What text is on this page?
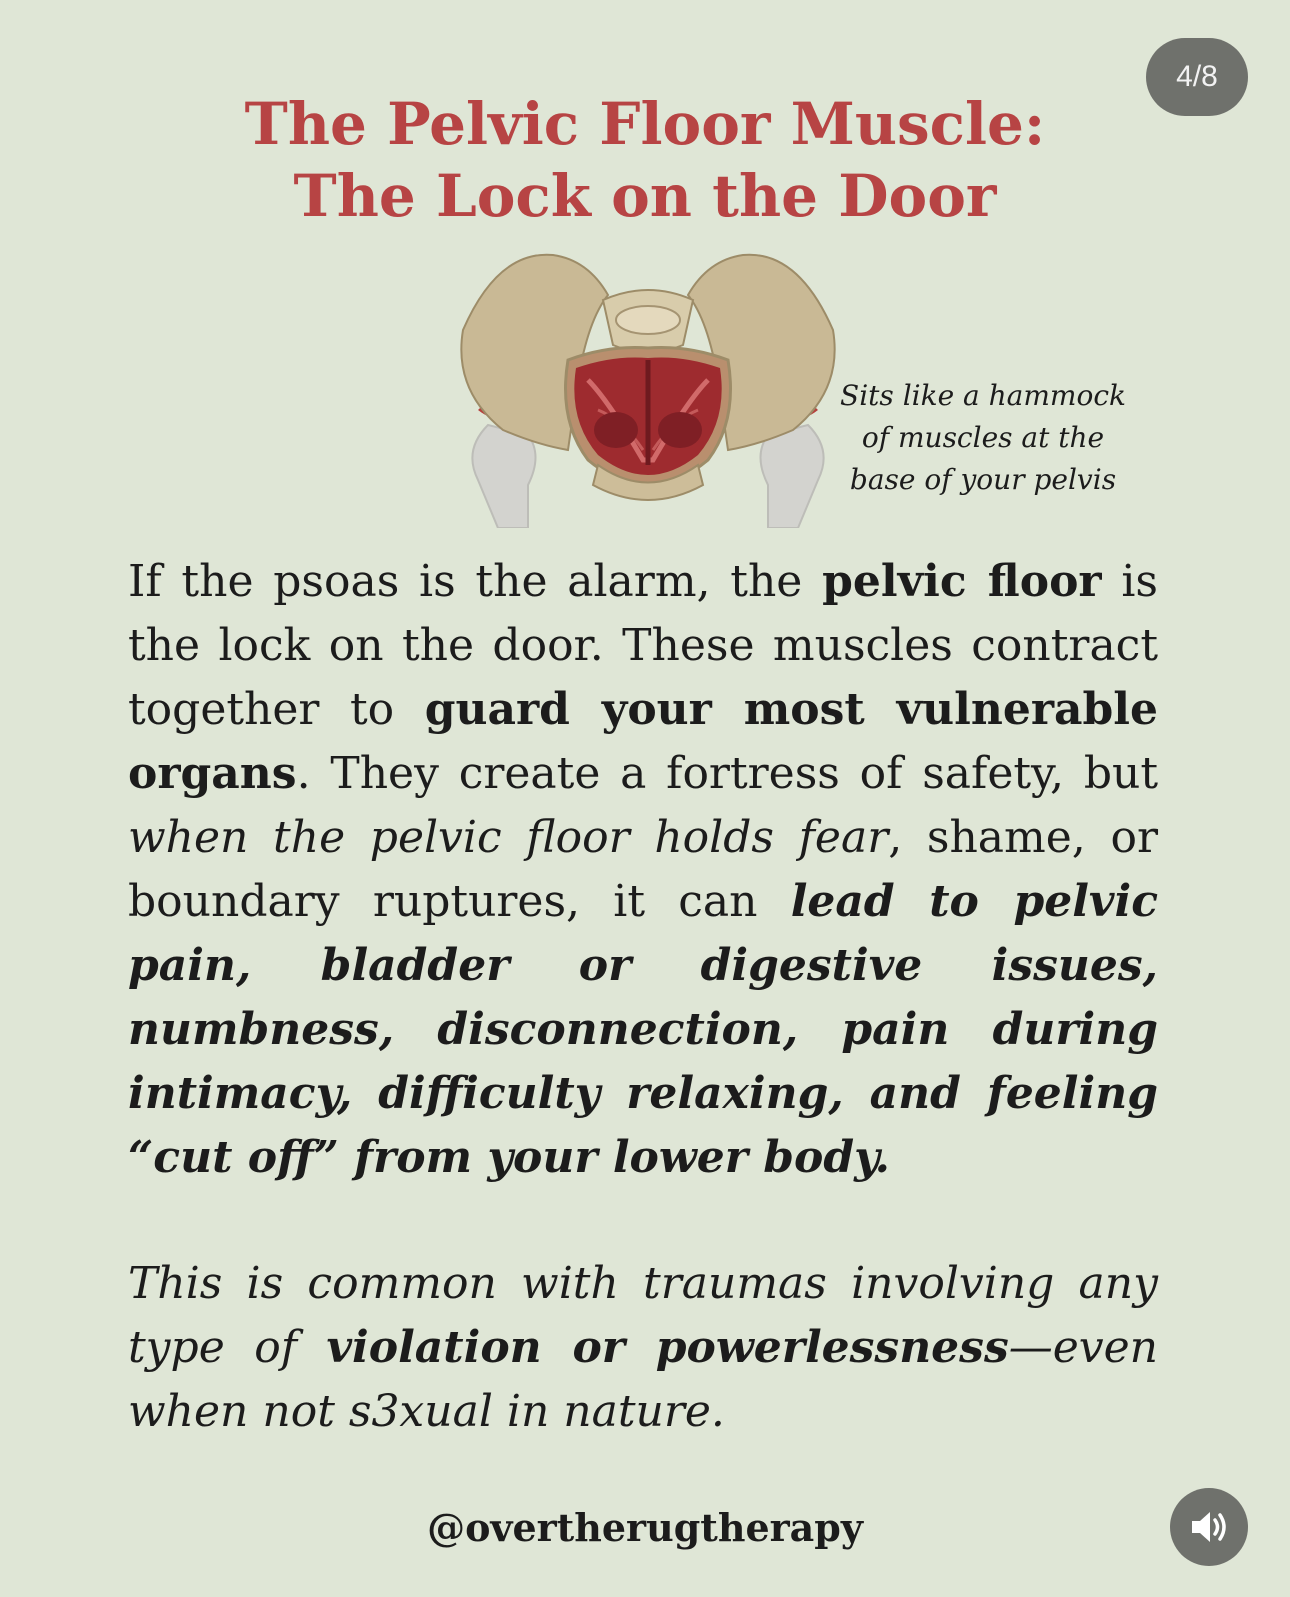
4/8
The Pelvic Floor Muscle:
The Lock on the Door
Sits like a hammock
of muscles at the
base of your pelvis
If the psoas is the alarm, the pelvic floor is the lock on the door. These muscles contract together to guard your most vulnerable organs. They create a fortress of safety, but when the pelvic floor holds fear, shame, or boundary ruptures, it can lead to pelvic pain, bladder or digestive issues, numbness, disconnection, pain during intimacy, difficulty relaxing, and feeling “cut off” from your lower body.
This is common with traumas involving any type of violation or powerlessness—even when not s3xual in nature.
@overtherugtherapy
